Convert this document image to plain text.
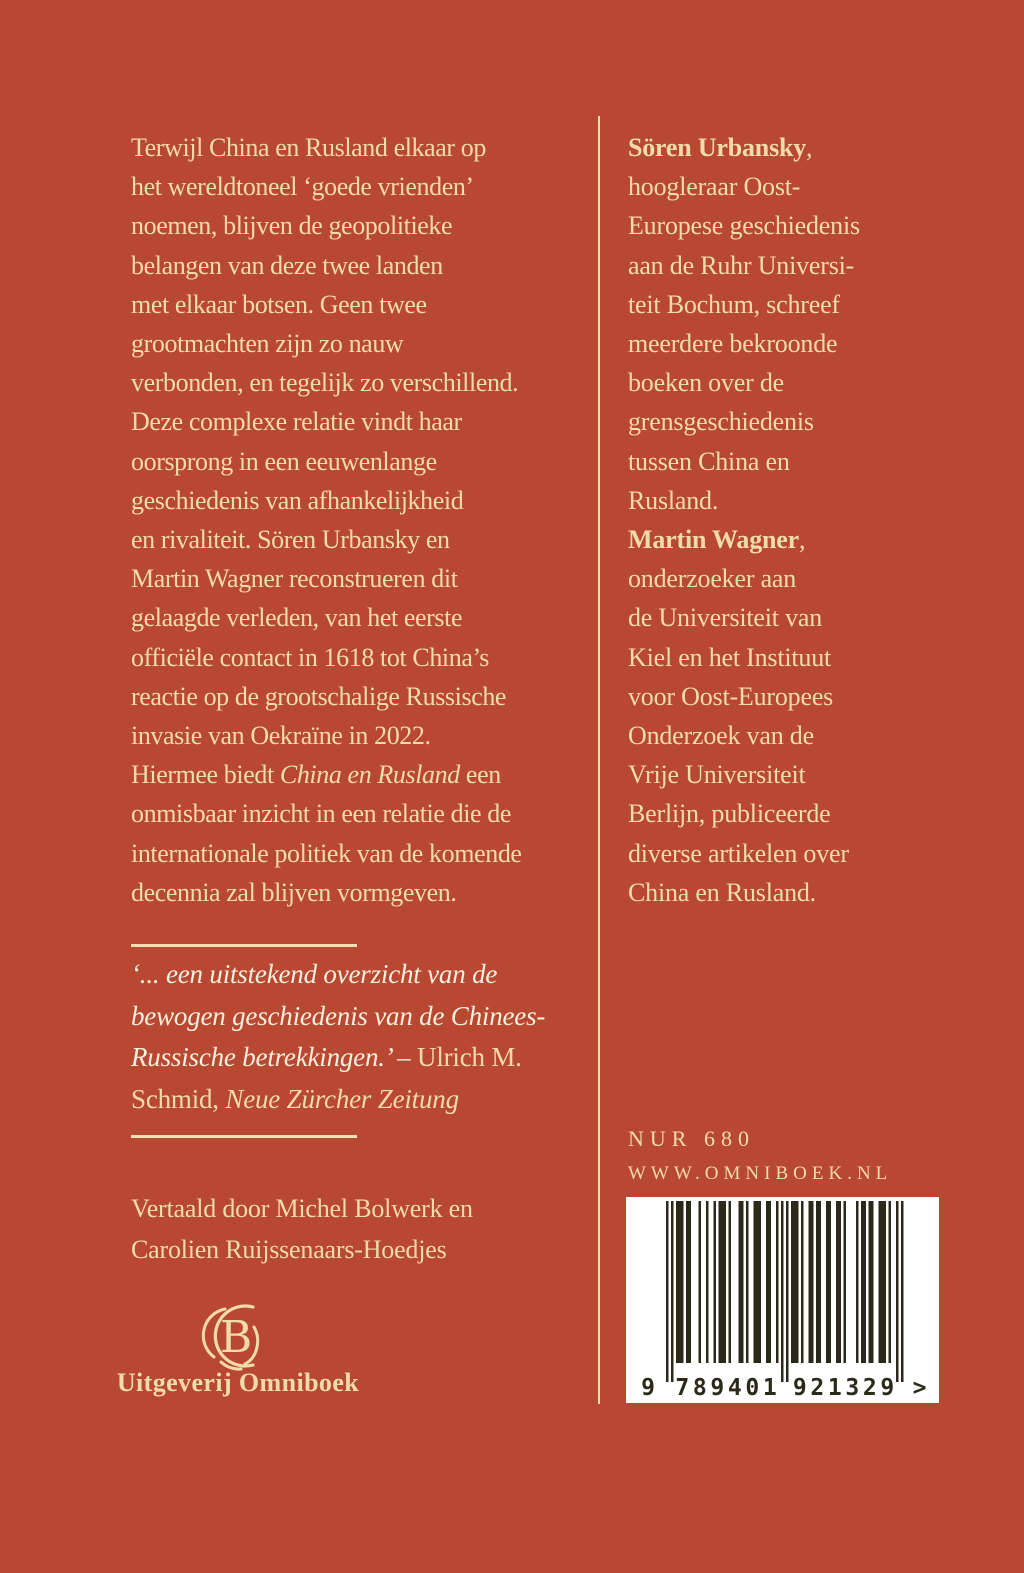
Terwijl China en Rusland elkaar op
het wereldtoneel ‘goede vrienden’
noemen, blijven de geopolitieke
belangen van deze twee landen
met elkaar botsen. Geen twee
grootmachten zijn zo nauw
verbonden, en tegelijk zo verschillend.
Deze complexe relatie vindt haar
oorsprong in een eeuwenlange
geschiedenis van afhankelijkheid
en rivaliteit. Sören Urbansky en
Martin Wagner reconstrueren dit
gelaagde verleden, van het eerste
officiële contact in 1618 tot China’s
reactie op de grootschalige Russische
invasie van Oekraïne in 2022.
Hiermee biedt China en Rusland een
onmisbaar inzicht in een relatie die de
internationale politiek van de komende
decennia zal blijven vormgeven.
Sören Urbansky,
hoogleraar Oost-
Europese geschiedenis
aan de Ruhr Universi-
teit Bochum, schreef
meerdere bekroonde
boeken over de
grensgeschiedenis
tussen China en
Rusland.
Martin Wagner,
onderzoeker aan
de Universiteit van
Kiel en het Instituut
voor Oost-Europees
Onderzoek van de
Vrije Universiteit
Berlijn, publiceerde
diverse artikelen over
China en Rusland.
‘... een uitstekend overzicht van de
bewogen geschiedenis van de Chinees-
Russische betrekkingen.’ – Ulrich M.
Schmid, Neue Zürcher Zeitung
Vertaald door Michel Bolwerk en
Carolien Ruijssenaars-Hoedjes
B
Uitgeverij Omniboek
NUR 680
WWW.OMNIBOEK.NL
9 7 8 9 4 0 1 9 2 1 3 2 9 >
